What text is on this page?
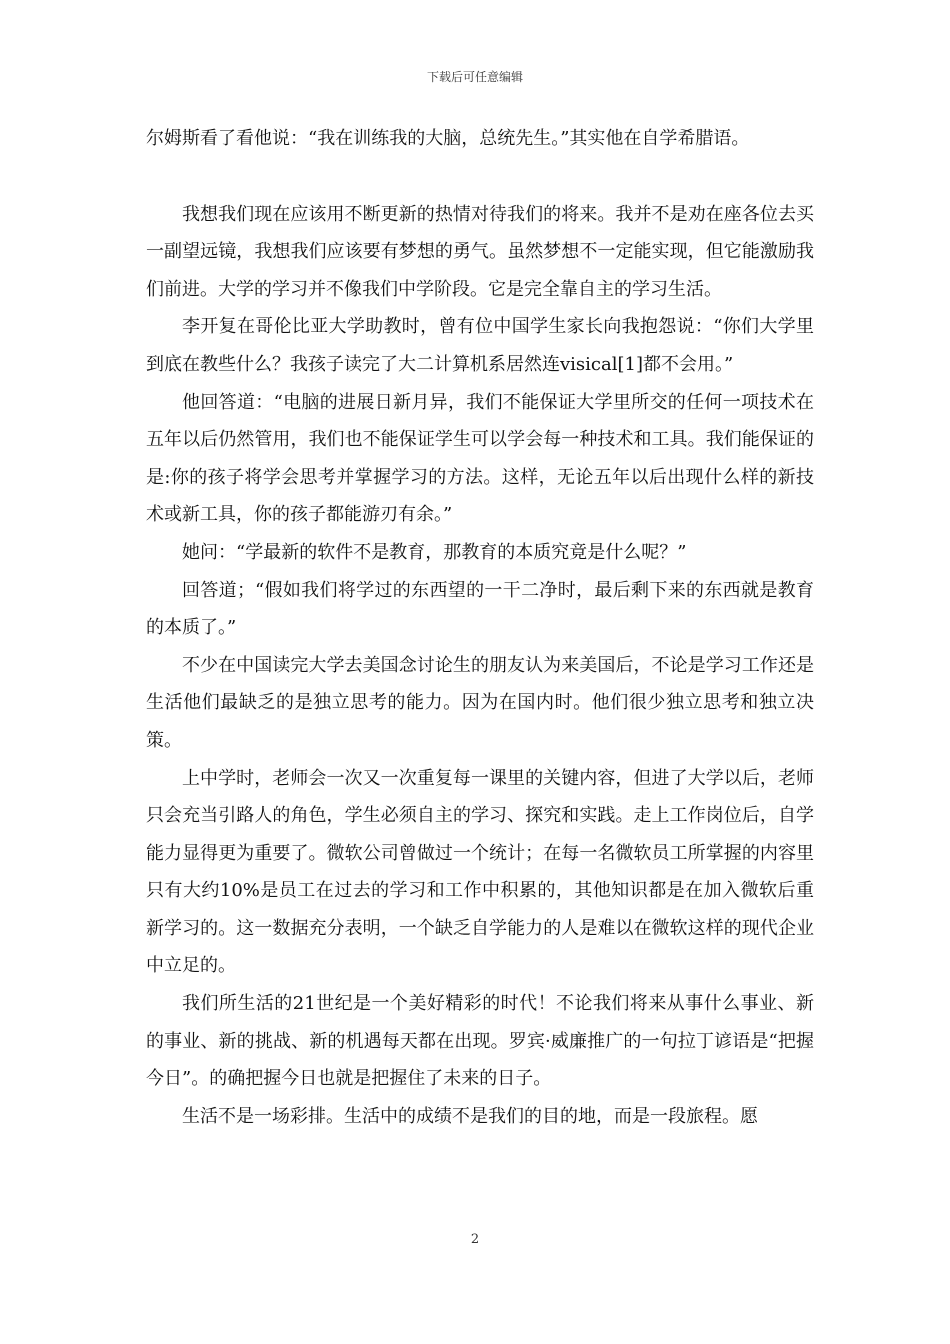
下载后可任意编辑

尔姆斯看了看他说：“我在训练我的大脑，总统先生。”其实他在自学希腊语。

我想我们现在应该用不断更新的热情对待我们的将来。我并不是劝在座各位去买一副望远镜，我想我们应该要有梦想的勇气。虽然梦想不一定能实现，但它能激励我们前进。大学的学习并不像我们中学阶段。它是完全靠自主的学习生活。

李开复在哥伦比亚大学助教时，曾有位中国学生家长向我抱怨说：“你们大学里到底在教些什么？我孩子读完了大二计算机系居然连visical[1]都不会用。”

他回答道：“电脑的进展日新月异，我们不能保证大学里所交的任何一项技术在五年以后仍然管用，我们也不能保证学生可以学会每一种技术和工具。我们能保证的是:你的孩子将学会思考并掌握学习的方法。这样，无论五年以后出现什么样的新技术或新工具，你的孩子都能游刃有余。”

她问：“学最新的软件不是教育，那教育的本质究竟是什么呢？”

回答道；“假如我们将学过的东西望的一干二净时，最后剩下来的东西就是教育的本质了。”

不少在中国读完大学去美国念讨论生的朋友认为来美国后，不论是学习工作还是生活他们最缺乏的是独立思考的能力。因为在国内时。他们很少独立思考和独立决策。

上中学时，老师会一次又一次重复每一课里的关键内容，但进了大学以后，老师只会充当引路人的角色，学生必须自主的学习、探究和实践。走上工作岗位后，自学能力显得更为重要了。微软公司曾做过一个统计；在每一名微软员工所掌握的内容里只有大约10%是员工在过去的学习和工作中积累的，其他知识都是在加入微软后重新学习的。这一数据充分表明，一个缺乏自学能力的人是难以在微软这样的现代企业中立足的。

我们所生活的21世纪是一个美好精彩的时代！不论我们将来从事什么事业、新的事业、新的挑战、新的机遇每天都在出现。罗宾·威廉推广的一句拉丁谚语是“把握今日”。的确把握今日也就是把握住了未来的日子。

生活不是一场彩排。生活中的成绩不是我们的目的地，而是一段旅程。愿

2
